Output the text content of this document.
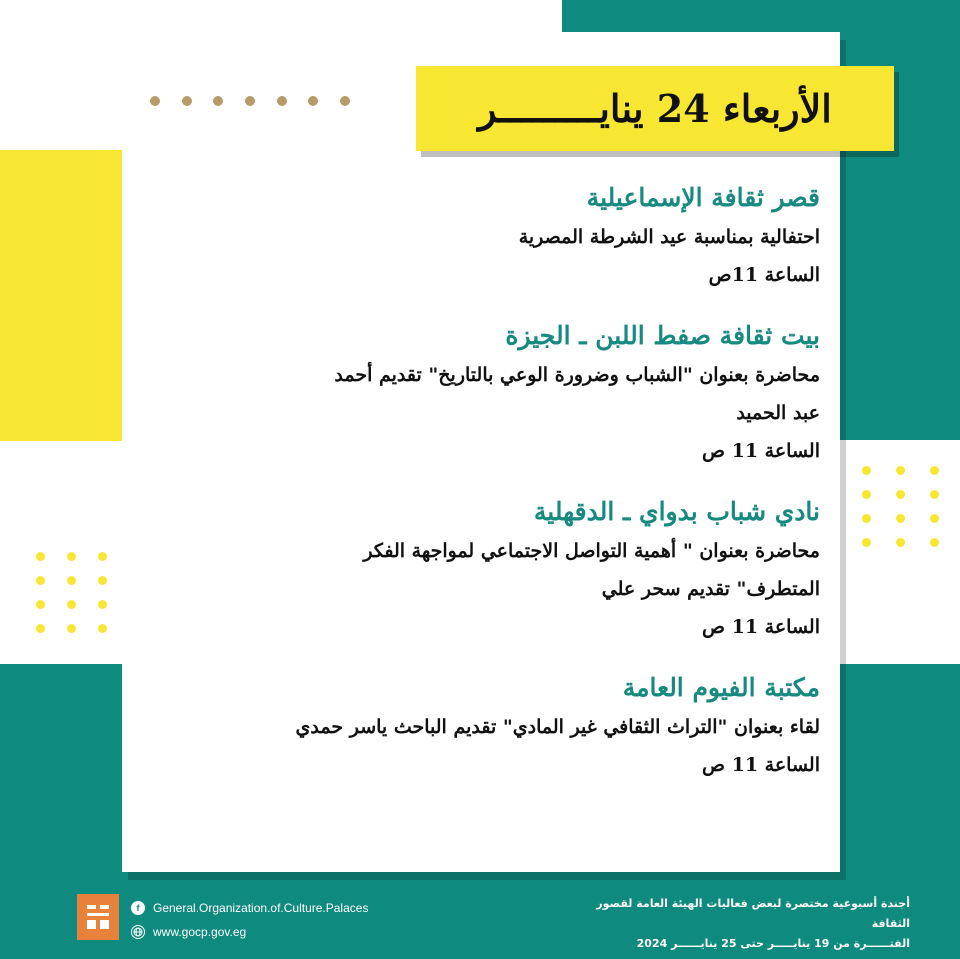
الأربعاء 24 ينايـــــــــر
قصر ثقافة الإسماعيلية
احتفالية بمناسبة عيد الشرطة المصرية
الساعة 11ص
بيت ثقافة صفط اللبن ـ الجيزة
محاضرة بعنوان "الشباب وضرورة الوعي بالتاريخ" تقديم أحمد
عبد الحميد
الساعة 11 ص
نادي شباب بدواي ـ الدقهلية
محاضرة بعنوان " أهمية التواصل الاجتماعي لمواجهة الفكر
المتطرف" تقديم سحر علي
الساعة 11 ص
مكتبة الفيوم العامة
لقاء بعنوان "التراث الثقافي غير المادي" تقديم الباحث ياسر حمدي
الساعة 11 ص
f	General.Organization.of.Culture.Palaces
www.gocp.gov.eg
أجندة أسبوعية مختصرة لبعض فعاليات الهيئة العامة لقصور الثقافة
الفتــــــرة من 19 ينايـــــر حتى 25 ينايــــــر 2024
